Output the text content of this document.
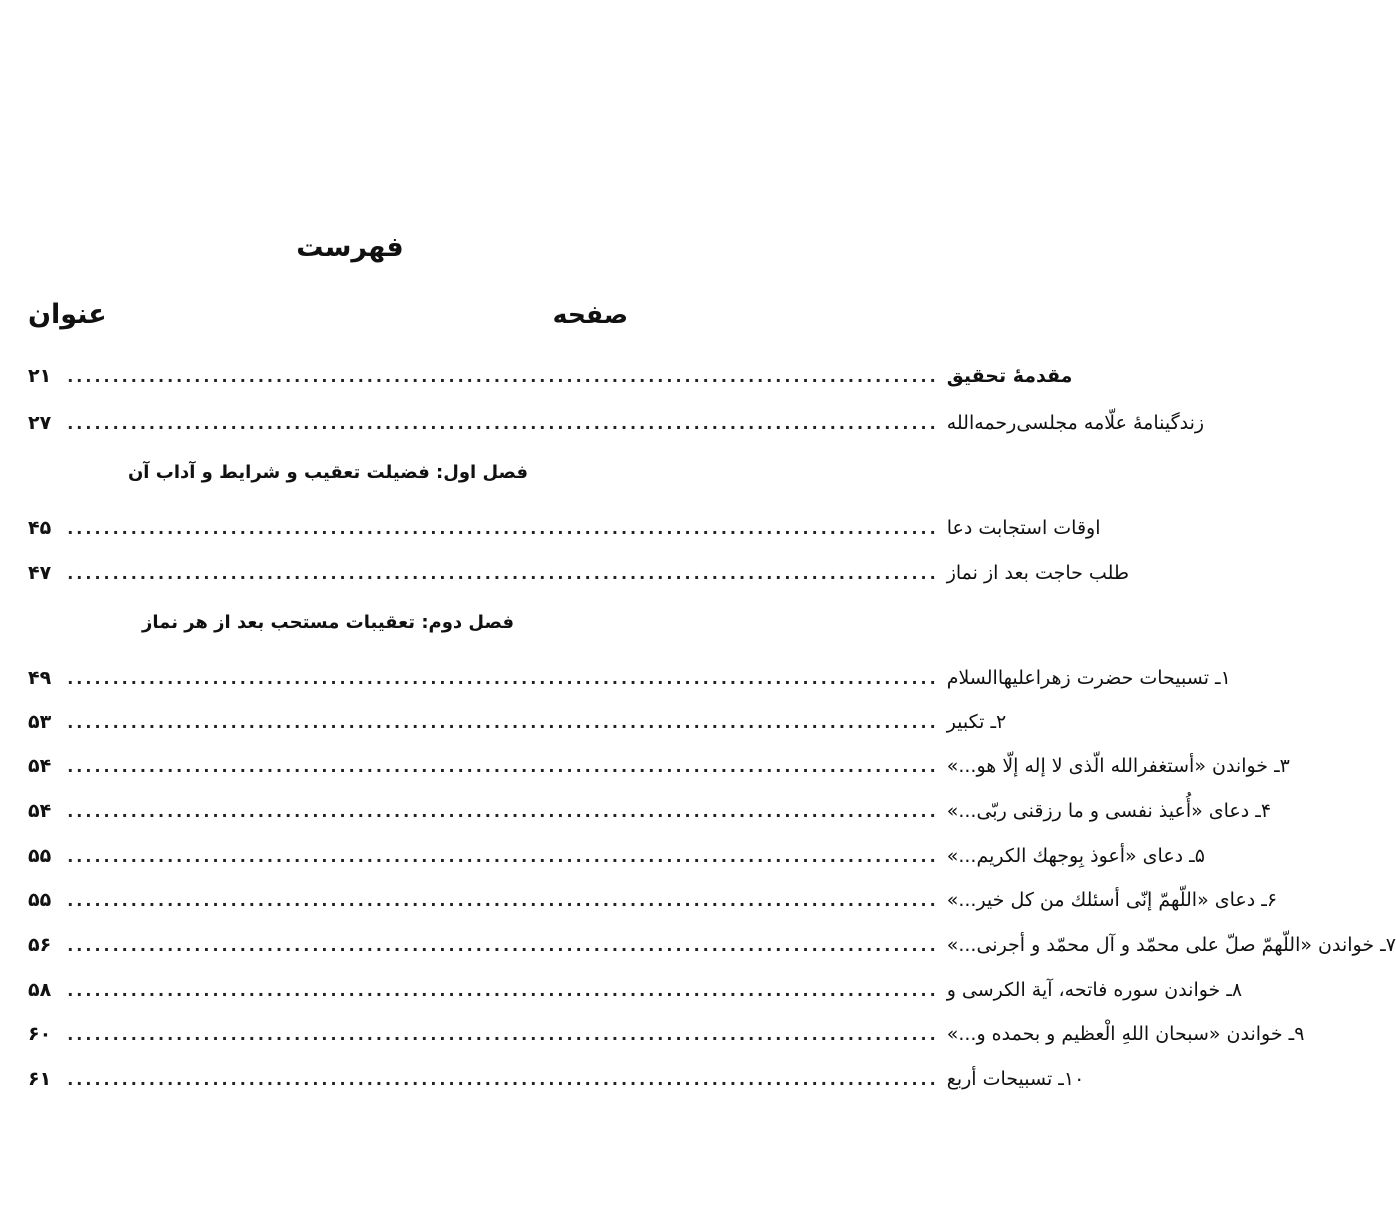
فهرست
عنوان	صفحه
۲۱ ................................................................................................ مقدمۀ تحقيق
۲۷ ................................................................................................ زندگينامۀ علّامه مجلسى‌رحمه‌الله
فصل اول: فضيلت تعقيب و شرايط و آداب آن
۴۵ ................................................................................................ اوقات استجابت دعا
۴۷ ................................................................................................ طلب حاجت بعد از نماز
فصل دوم: تعقيبات مستحب بعد از هر نماز
۴۹ ................................................................................................ ۱ـ تسبيحات حضرت زهراعليهاالسلام
۵۳ ................................................................................................ ۲ـ تكبير
۵۴ ................................................................................................ ۳ـ خواندن «أستغفرالله الّذى لا إله إلّا هو...»
۵۴ ................................................................................................ ۴ـ دعاى «أُعيذ نفسى و ما رزقنى ربّى...»
۵۵ ................................................................................................ ۵ـ دعاى «أعوذ بِوجهك الكريم...»
۵۵ ................................................................................................ ۶ـ دعاى «اللّهمّ إنّى أسئلك من كل خير...»
۵۶ ................................................................................................ ۷ـ خواندن «اللّهمّ صلّ على محمّد و آل محمّد و أجرنى...»
۵۸ ................................................................................................ ۸ـ خواندن سوره فاتحه، آية الكرسى و
۶۰ ................................................................................................ ۹ـ خواندن «سبحان اللهِ الْعظيم و بحمده و...»
۶۱ ................................................................................................ ۱۰ـ تسبيحات أربع
